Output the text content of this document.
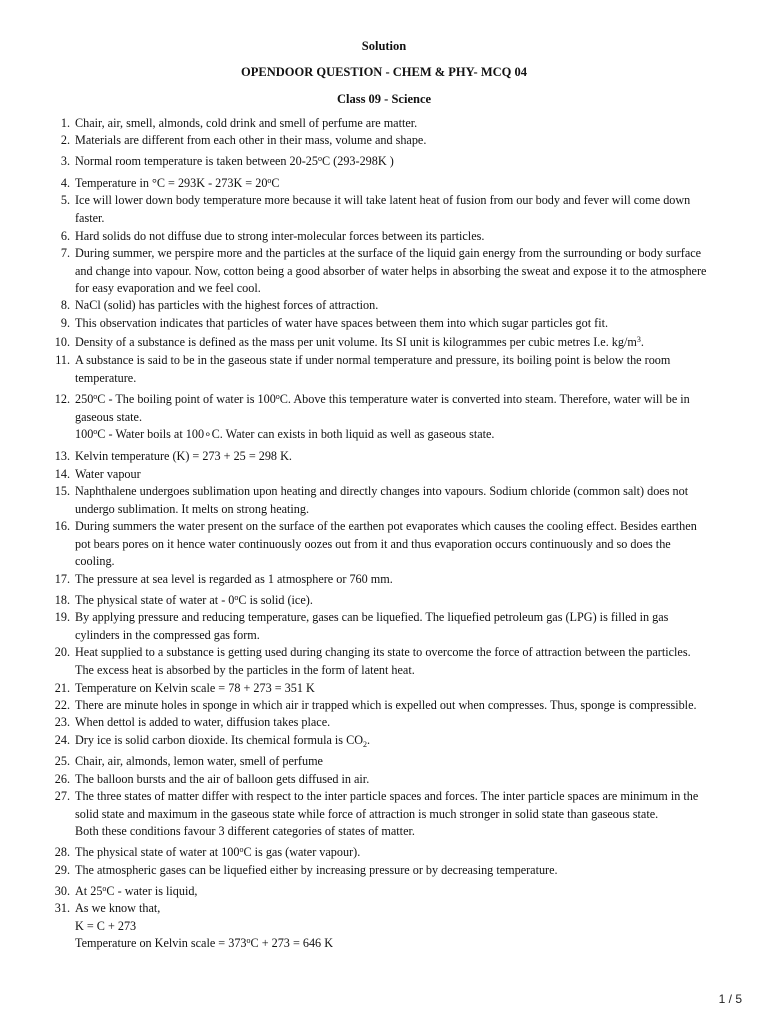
Solution
OPENDOOR QUESTION - CHEM & PHY- MCQ 04
Class 09 - Science
1. Chair, air, smell, almonds, cold drink and smell of perfume are matter.
2. Materials are different from each other in their mass, volume and shape.
3. Normal room temperature is taken between 20-25$^o$C (293-298K )
4. Temperature in $^\circ C = 293K - 273K = 20^oC$
5. Ice will lower down body temperature more because it will take latent heat of fusion from our body and fever will come down
faster.
6. Hard solids do not diffuse due to strong inter-molecular forces between its particles.
7. During summer, we perspire more and the particles at the surface of the liquid gain energy from the surrounding or body surface
and change into vapour. Now, cotton being a good absorber of water helps in absorbing the sweat and expose it to the atmosphere
for easy evaporation and we feel cool.
8. NaCl (solid) has particles with the highest forces of attraction.
9. This observation indicates that particles of water have spaces between them into which sugar particles got fit.
10. Density of a substance is defined as the mass per unit volume. Its SI unit is kilogrammes per cubic metres I.e. $kg/m^3$.
11. A substance is said to be in the gaseous state if under normal temperature and pressure, its boiling point is below the room
temperature.
12. 250$^o$C - The boiling point of water is 100$^o$C. Above this temperature water is converted into steam. Therefore, water will be in
gaseous state.
100$^o$C - Water boils at 100∘C. Water can exists in both liquid as well as gaseous state.
13. Kelvin temperature (K) = 273 + 25 = 298 K.
14. Water vapour
15. Naphthalene undergoes sublimation upon heating and directly changes into vapours. Sodium chloride (common salt) does not
undergo sublimation. It melts on strong heating.
16. During summers the water present on the surface of the earthen pot evaporates which causes the cooling effect. Besides earthen
pot bears pores on it hence water continuously oozes out from it and thus evaporation occurs continuously and so does the
cooling.
17. The pressure at sea level is regarded as 1 atmosphere or 760 mm.
18. The physical state of water at - 0$^o$C is solid (ice).
19. By applying pressure and reducing temperature, gases can be liquefied. The liquefied petroleum gas (LPG) is filled in gas
cylinders in the compressed gas form.
20. Heat supplied to a substance is getting used during changing its state to overcome the force of attraction between the particles.
The excess heat is absorbed by the particles in the form of latent heat.
21. Temperature on Kelvin scale = 78 + 273 = 351 K
22. There are minute holes in sponge in which air ir trapped which is expelled out when compresses. Thus, sponge is compressible.
23. When dettol is added to water, diffusion takes place.
24. Dry ice is solid carbon dioxide. Its chemical formula is $CO_2$.
25. Chair, air, almonds, lemon water, smell of perfume
26. The balloon bursts and the air of balloon gets diffused in air.
27. The three states of matter differ with respect to the inter particle spaces and forces. The inter particle spaces are minimum in the
solid state and maximum in the gaseous state while force of attraction is much stronger in solid state than gaseous state.
Both these conditions favour 3 different categories of states of matter.
28. The physical state of water at 100$^o$C is gas (water vapour).
29. The atmospheric gases can be liquefied either by increasing pressure or by decreasing temperature.
30. At 25$^o$C - water is liquid,
31. As we know that,
K = C + 273
Temperature on Kelvin scale = $373^oC + 273 = 646$ K
1 / 5
